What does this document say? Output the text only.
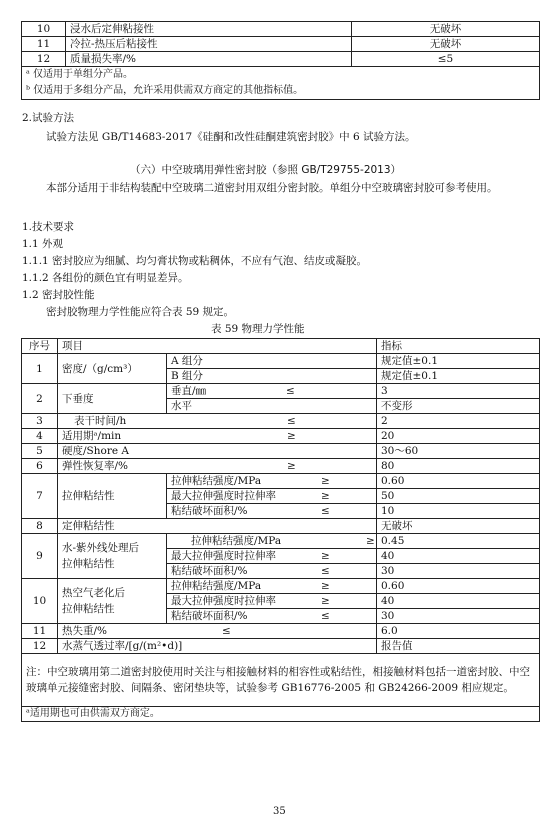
10	浸水后定伸粘接性	无破坏
11	冷拉-热压后粘接性	无破坏
12	质量损失率/%	≤5
ᵃ 仅适用于单组分产品。
ᵇ 仅适用于多组分产品，允许采用供需双方商定的其他指标值。		
2.试验方法
试验方法见 GB/T14683-2017《硅酮和改性硅酮建筑密封胶》中 6 试验方法。
（六）中空玻璃用弹性密封胶（参照 GB/T29755-2013）
本部分适用于非结构装配中空玻璃二道密封用双组分密封胶。单组分中空玻璃密封胶可参考使用。
1.技术要求
1.1 外观
1.1.1 密封胶应为细腻、均匀膏状物或粘稠体，不应有气泡、结皮或凝胶。
1.1.2 各组份的颜色宜有明显差异。
1.2 密封胶性能
密封胶物理力学性能应符合表 59 规定。
表 59 物理力学性能
序号	项目		指标
1	密度/（g/cm³）	A 组分	规定值±0.1
		B 组分	规定值±0.1
2	下垂度	垂直/㎜ ≤	3
		水平	不变形
3	表干时间/h ≤		2
4	适用期ᵃ/min ≥		20
5	硬度/Shore A		30～60
6	弹性恢复率/% ≥		80
7	拉伸粘结性	拉伸粘结强度/MPa ≥	0.60

		最大拉伸强度时拉伸率 ≥	50

		粘结破坏面积/% ≤	10
8	定伸粘结性		无破坏
9	水-紫外线处理后
拉伸粘结性	拉伸粘结强度/MPa ≥	0.45

		最大拉伸强度时拉伸率 ≥	40

		粘结破坏面积/% ≤	30
10	热空气老化后
拉伸粘结性	拉伸粘结强度/MPa ≥	0.60

		最大拉伸强度时拉伸率 ≥	40

		粘结破坏面积/% ≤	30
11	热失重/% ≤		6.0
12	水蒸气透过率/[g/(m²•d)]		报告值
注：中空玻璃用第二道密封胶使用时关注与相接触材料的相容性或粘结性，相接触材料包括一道密封胶、中空玻璃单元接缝密封胶、间隔条、密闭垫块等，试验参考 GB16776-2005 和 GB24266-2009 相应规定。			
ᵃ适用期也可由供需双方商定。			
35
